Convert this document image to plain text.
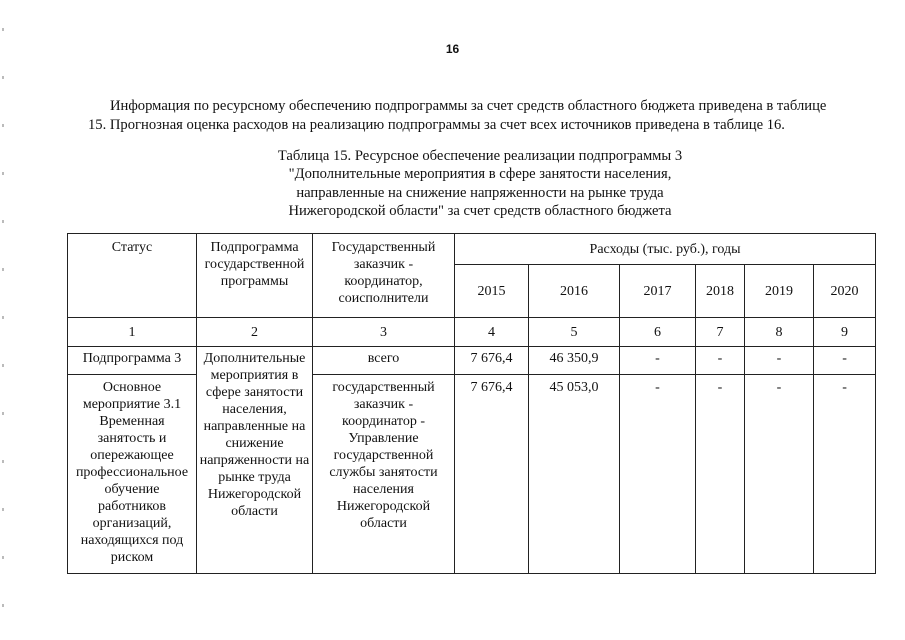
16

Информация по ресурсному обеспечению подпрограммы за счет средств областного бюджета приведена в таблице
15. Прогнозная оценка расходов на реализацию подпрограммы за счет всех источников приведена в таблице 16.

Таблица 15. Ресурсное обеспечение реализации подпрограммы 3
"Дополнительные мероприятия в сфере занятости населения,
направленные на снижение напряженности на рынке труда
Нижегородской области" за счет средств областного бюджета

Статус	Подпрограмма государственной программы	Государственный заказчик - координатор, соисполнители	Расходы (тыс. руб.), годы					
			2015	2016	2017	2018	2019	2020
1	2	3	4	5	6	7	8	9
Подпрограмма 3	Дополнительные мероприятия в сфере занятости населения, направленные на снижение напряженности на рынке труда Нижегородской области	всего	7 676,4	46 350,9	-	-	-	-
Основное мероприятие 3.1 Временная занятость и опережающее профессиональное обучение работников организаций, находящихся под риском		государственный заказчик - координатор - Управление государственной службы занятости населения Нижегородской области	7 676,4	45 053,0	-	-	-	-
